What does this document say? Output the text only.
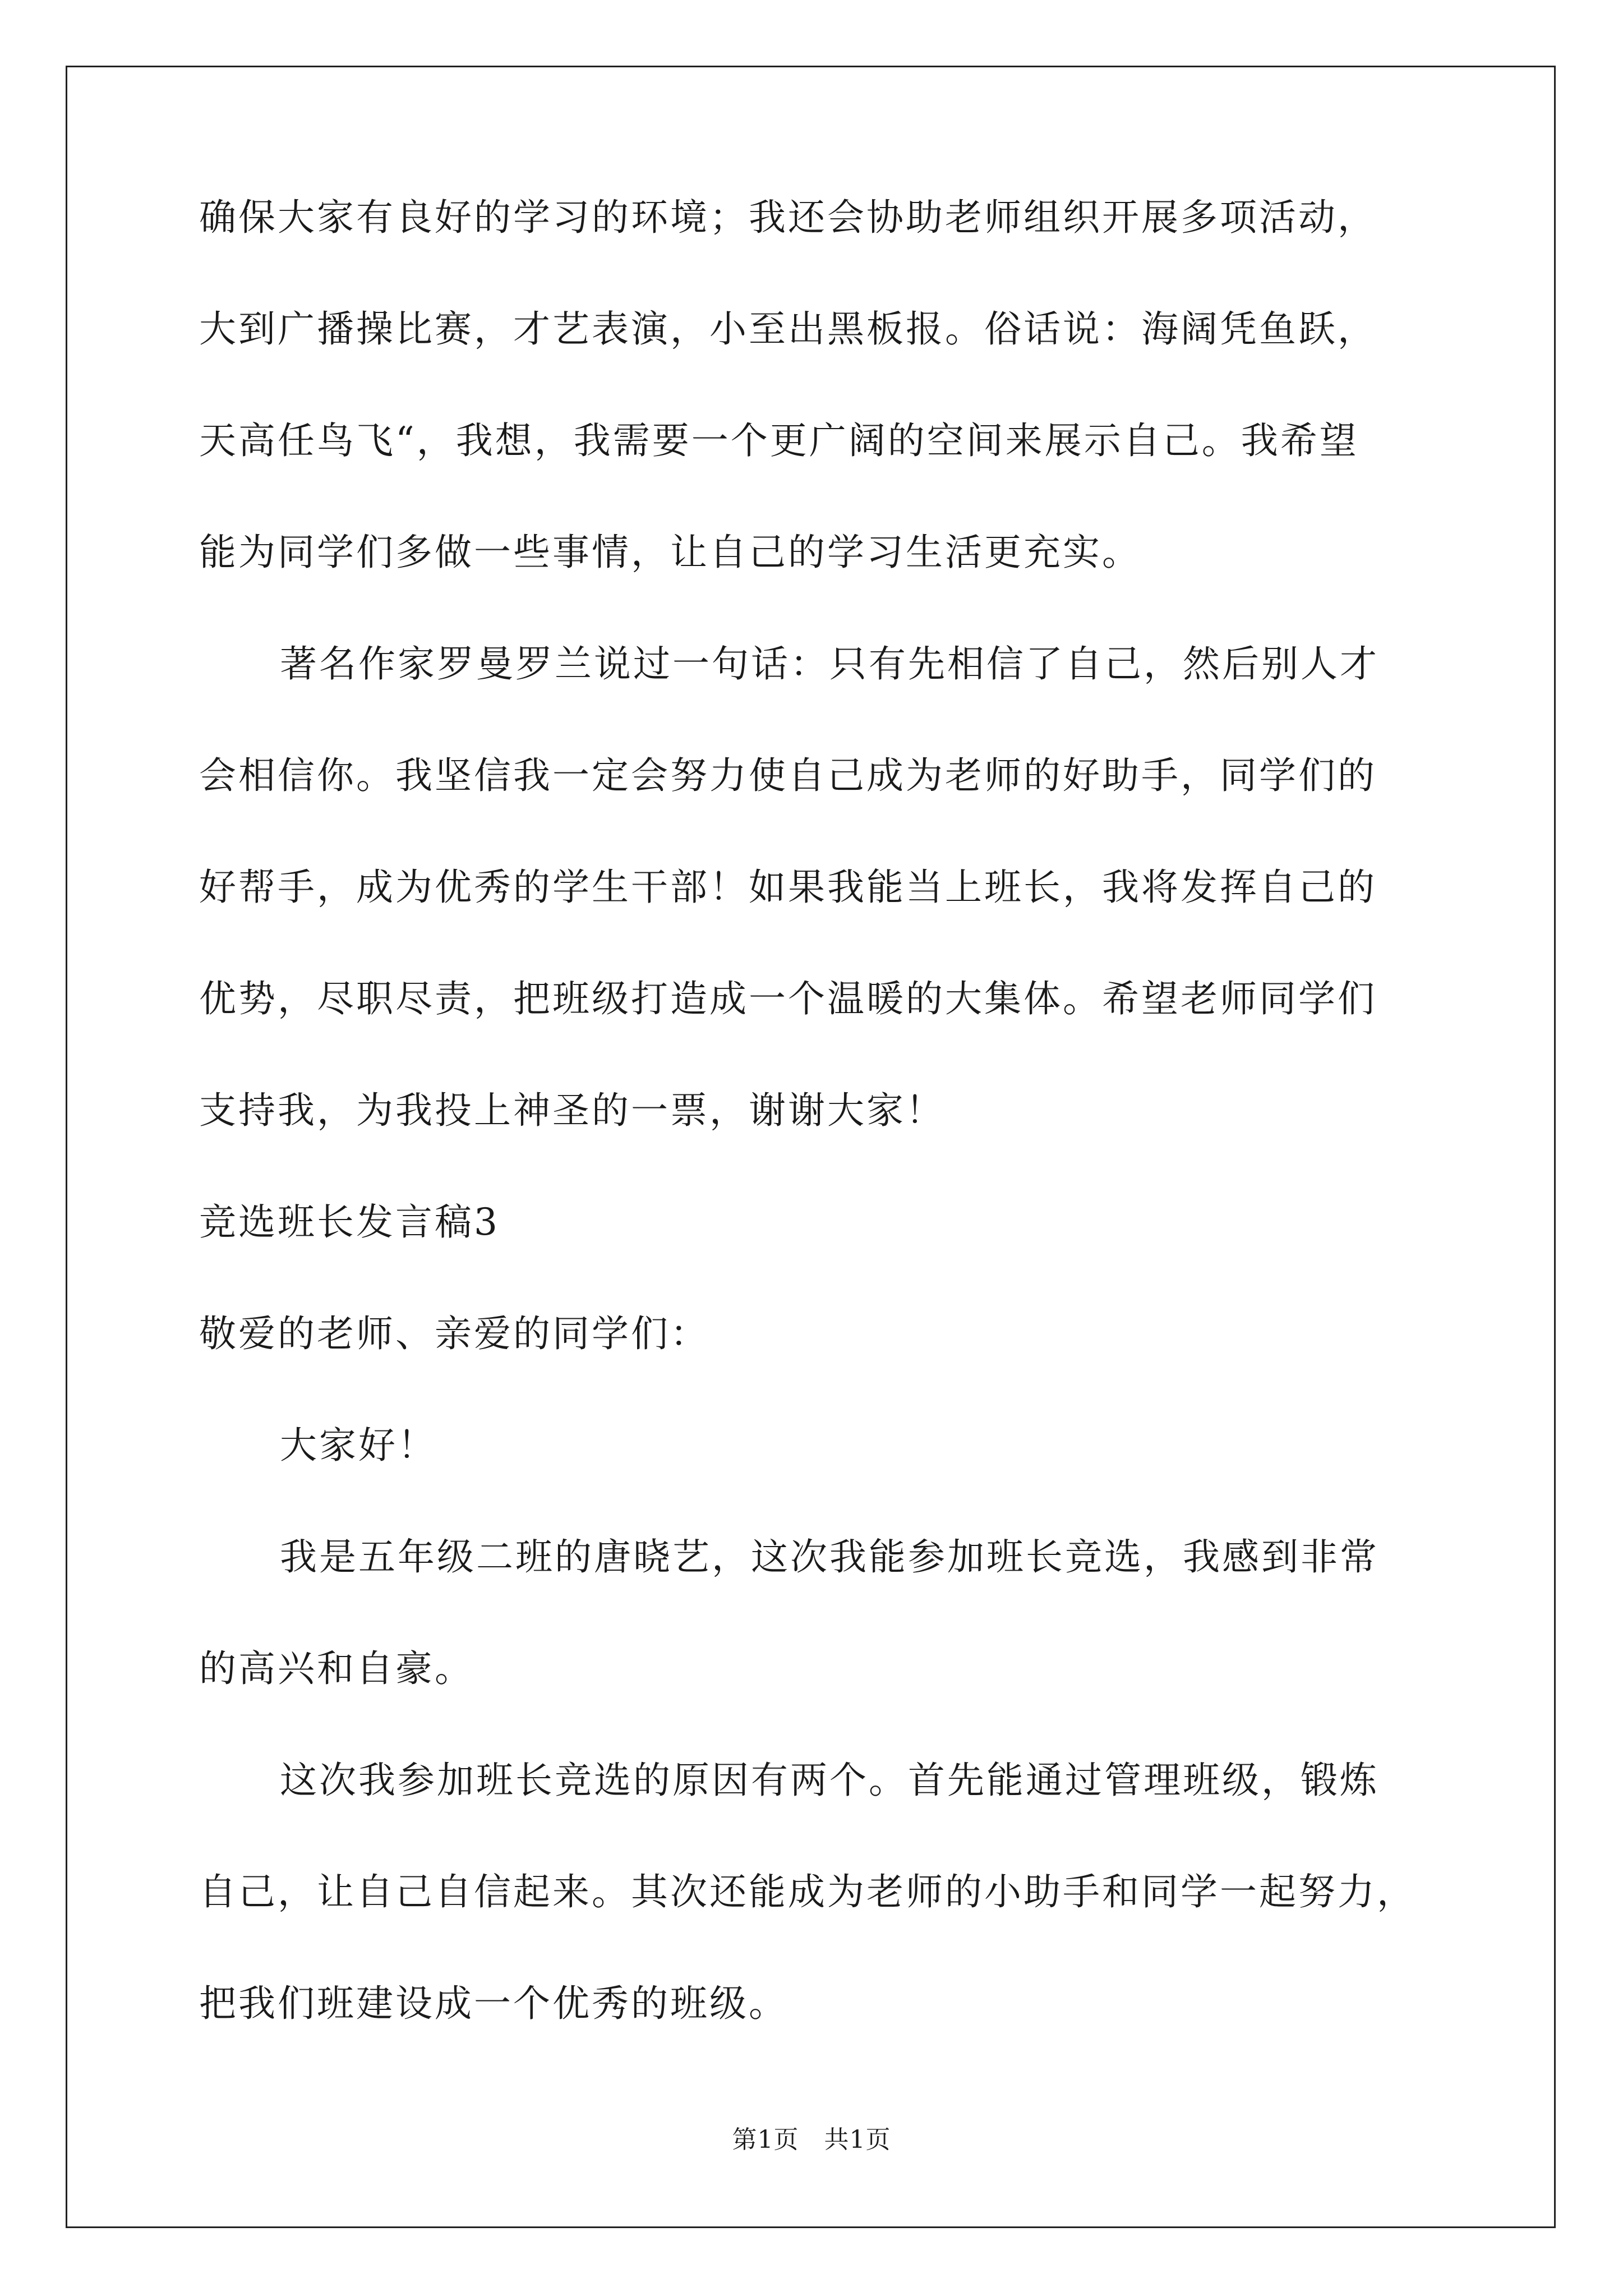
确保大家有良好的学习的环境；我还会协助老师组织开展多项活动，

大到广播操比赛，才艺表演，小至出黑板报。俗话说：海阔凭鱼跃，

天高任鸟飞“，我想，我需要一个更广阔的空间来展示自己。我希望

能为同学们多做一些事情，让自己的学习生活更充实。

著名作家罗曼罗兰说过一句话：只有先相信了自己，然后别人才

会相信你。我坚信我一定会努力使自己成为老师的好助手，同学们的

好帮手，成为优秀的学生干部！如果我能当上班长，我将发挥自己的

优势，尽职尽责，把班级打造成一个温暖的大集体。希望老师同学们

支持我，为我投上神圣的一票，谢谢大家！

竞选班长发言稿3

敬爱的老师、亲爱的同学们：

大家好！

我是五年级二班的唐晓艺，这次我能参加班长竞选，我感到非常

的高兴和自豪。

这次我参加班长竞选的原因有两个。首先能通过管理班级，锻炼

自己，让自己自信起来。其次还能成为老师的小助手和同学一起努力，

把我们班建设成一个优秀的班级。

第1页　共1页
